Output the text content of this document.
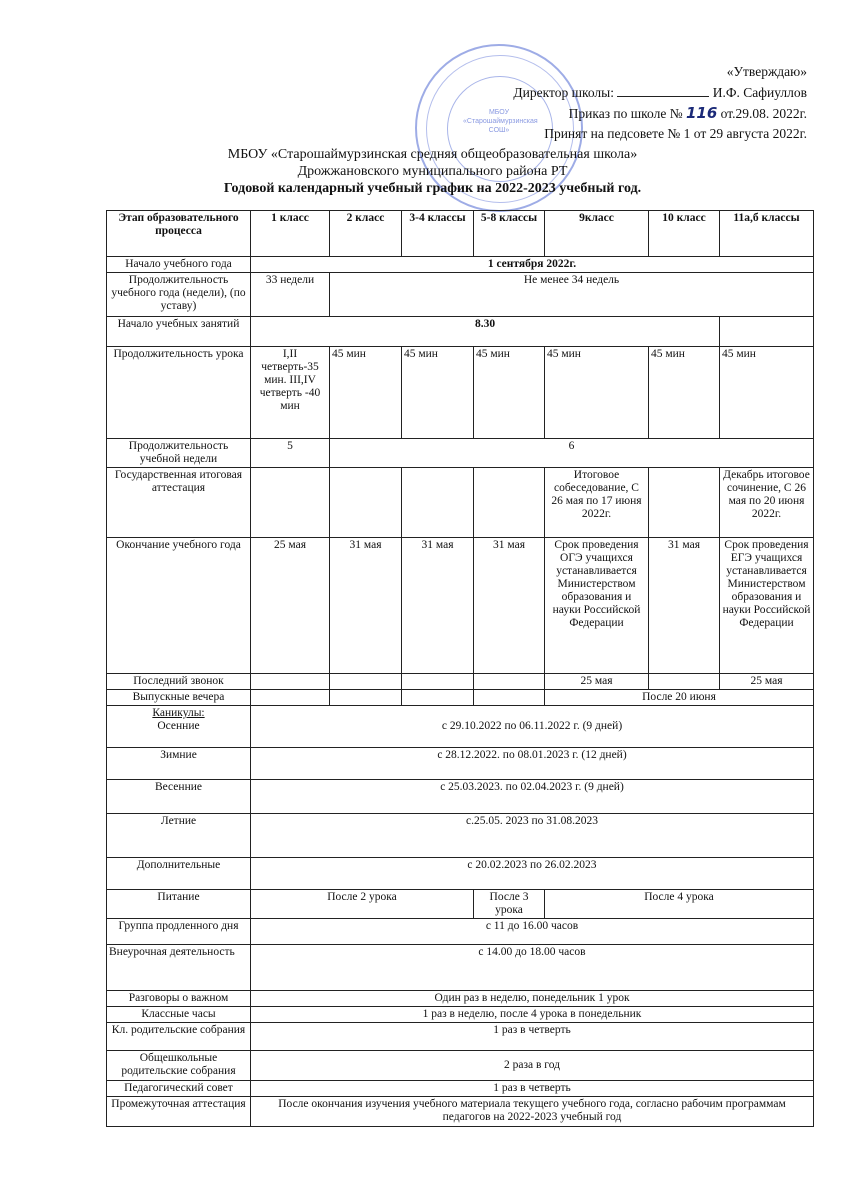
МБОУ «Старошаймурзинская СОШ»
«Утверждаю»
Директор школы:	И.Ф. Сафиуллов
Приказ по школе № 116 от.29.08. 2022г.
Принят на педсовете № 1 от 29 августа 2022г.
МБОУ «Старошаймурзинская средняя общеобразовательная школа»
Дрожжановского муниципального района РТ
Годовой календарный учебный график на 2022-2023 учебный год.
Этап образовательного процесса	1 класс	2 класс	3-4 классы	5-8 классы	9класс	10 класс	11а,б классы
Начало учебного года	1 сентября 2022г.						
Продолжительность учебного года (недели), (по уставу)	33 недели	Не менее 34 недель					
Начало учебных занятий	8.30						
Продолжительность урока	I,II четверть-35 мин. III,IV четверть -40 мин	45 мин	45 мин	45 мин	45 мин	45 мин	45 мин
Продолжительность учебной недели	5	6					
Государственная итоговая аттестация					Итоговое собеседование, С 26 мая по 17 июня 2022г.		Декабрь итоговое сочинение, С 26 мая по 20 июня 2022г.
Окончание учебного года	25 мая	31 мая	31 мая	31 мая	Срок проведения ОГЭ учащихся устанавливается Министерством образования и науки Российской Федерации	31 мая	Срок проведения ЕГЭ учащихся устанавливается Министерством образования и науки Российской Федерации
Последний звонок					25 мая		25 мая
Выпускные вечера					После 20 июня		

Каникулы:
Осенние	с 29.10.2022 по 06.11.2022 г. (9 дней)						
Зимние	с 28.12.2022. по 08.01.2023 г. (12 дней)						
Весенние	с 25.03.2023. по 02.04.2023 г. (9 дней)						
Летние	с.25.05. 2023 по 31.08.2023						
Дополнительные	с 20.02.2023 по 26.02.2023						
Питание	После 2 урока			После 3 урока	После 4 урока		
Группа продленного дня	с 11 до 16.00 часов						
Внеурочная деятельность	с 14.00 до 18.00 часов						
Разговоры о важном	Один раз в неделю, понедельник 1 урок						
Классные часы	1 раз в неделю, после 4 урока в понедельник						
Кл. родительские собрания	1 раз в четверть						
Общешкольные родительские собрания	2 раза в год						
Педагогический совет	1 раз в четверть						
Промежуточная аттестация	После окончания изучения учебного материала текущего учебного года, согласно рабочим программам педагогов на 2022-2023 учебный год						
